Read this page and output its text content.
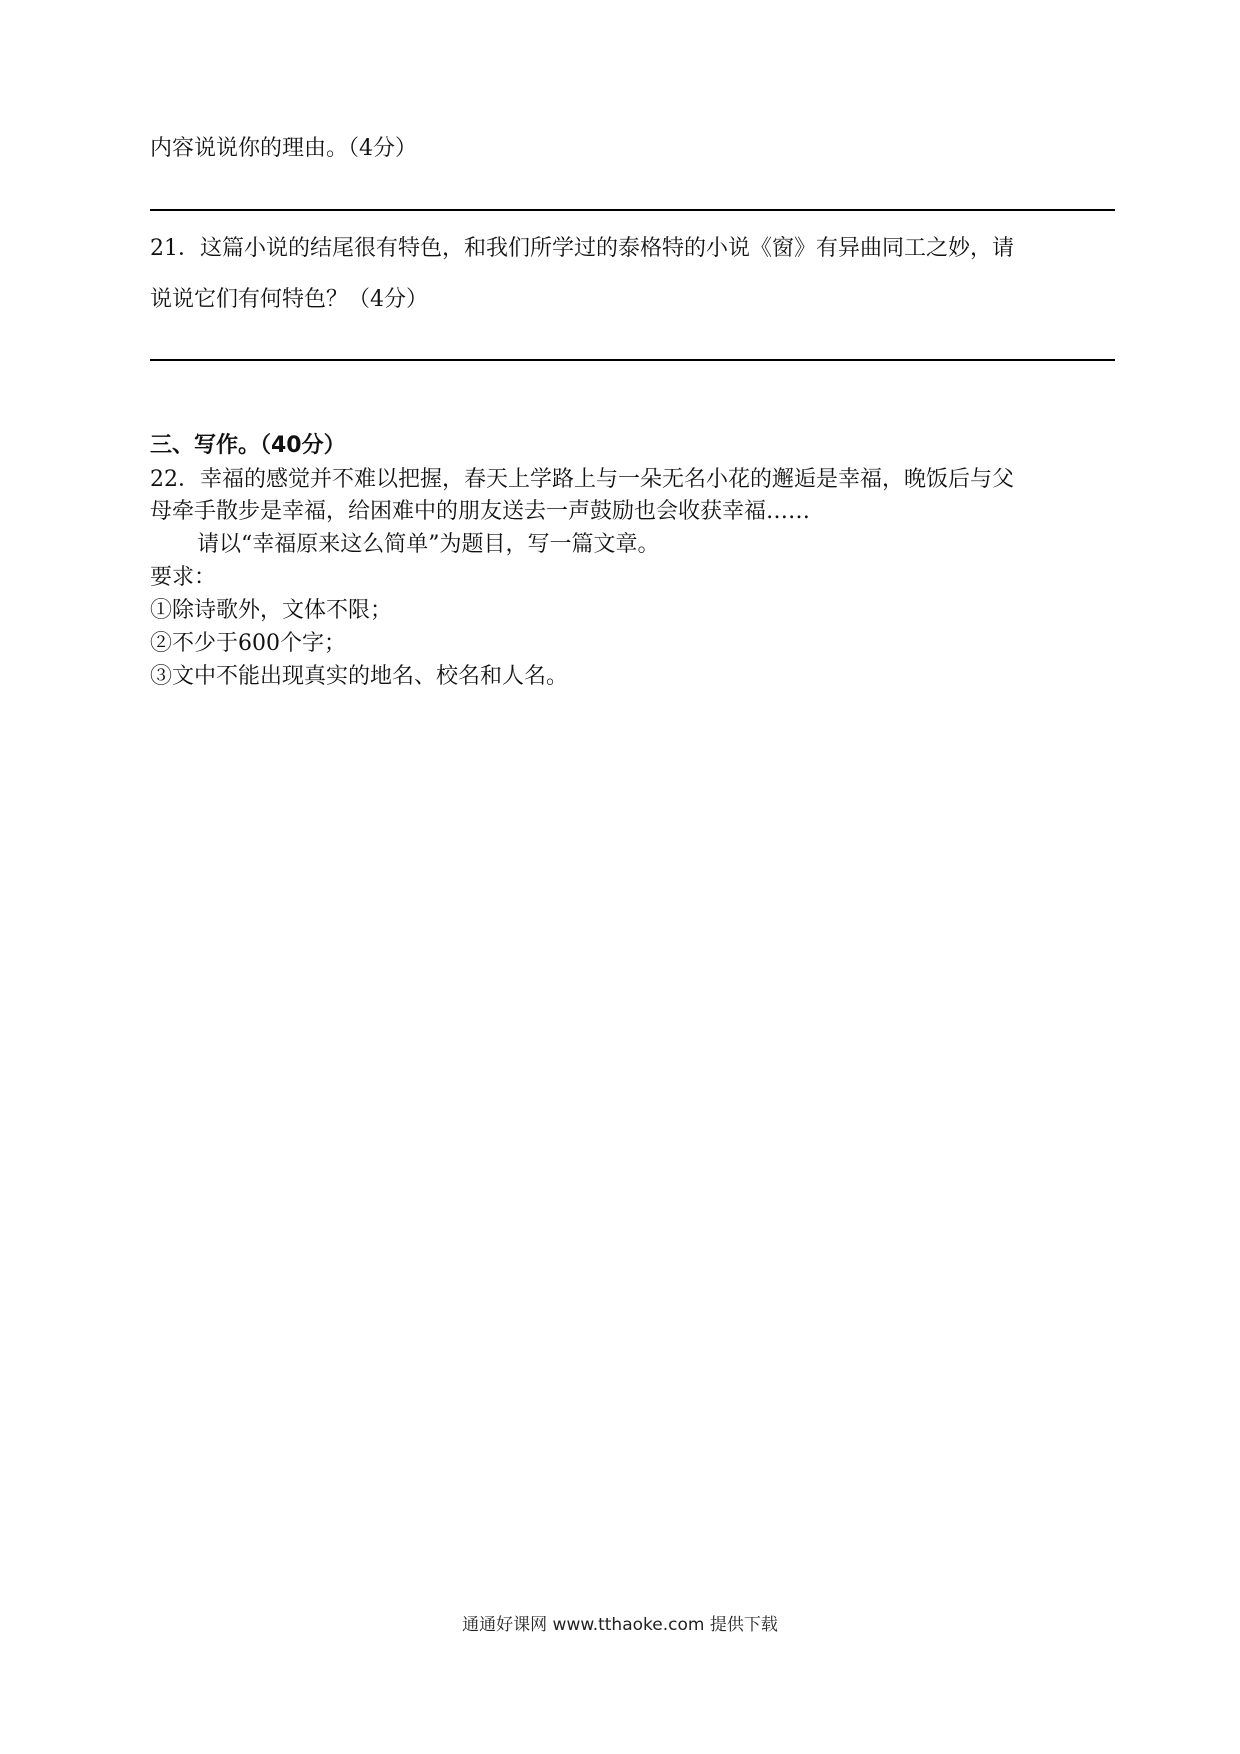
内容说说你的理由。（4分）
21．这篇小说的结尾很有特色，和我们所学过的泰格特的小说《窗》有异曲同工之妙，请
说说它们有何特色？（4分）
三、写作。（40分）
22．幸福的感觉并不难以把握，春天上学路上与一朵无名小花的邂逅是幸福，晚饭后与父
母牵手散步是幸福，给困难中的朋友送去一声鼓励也会收获幸福……
请以“幸福原来这么简单”为题目，写一篇文章。
要求：
①除诗歌外，文体不限；
②不少于600个字；
③文中不能出现真实的地名、校名和人名。
通通好课网 www.tthaoke.com 提供下载
